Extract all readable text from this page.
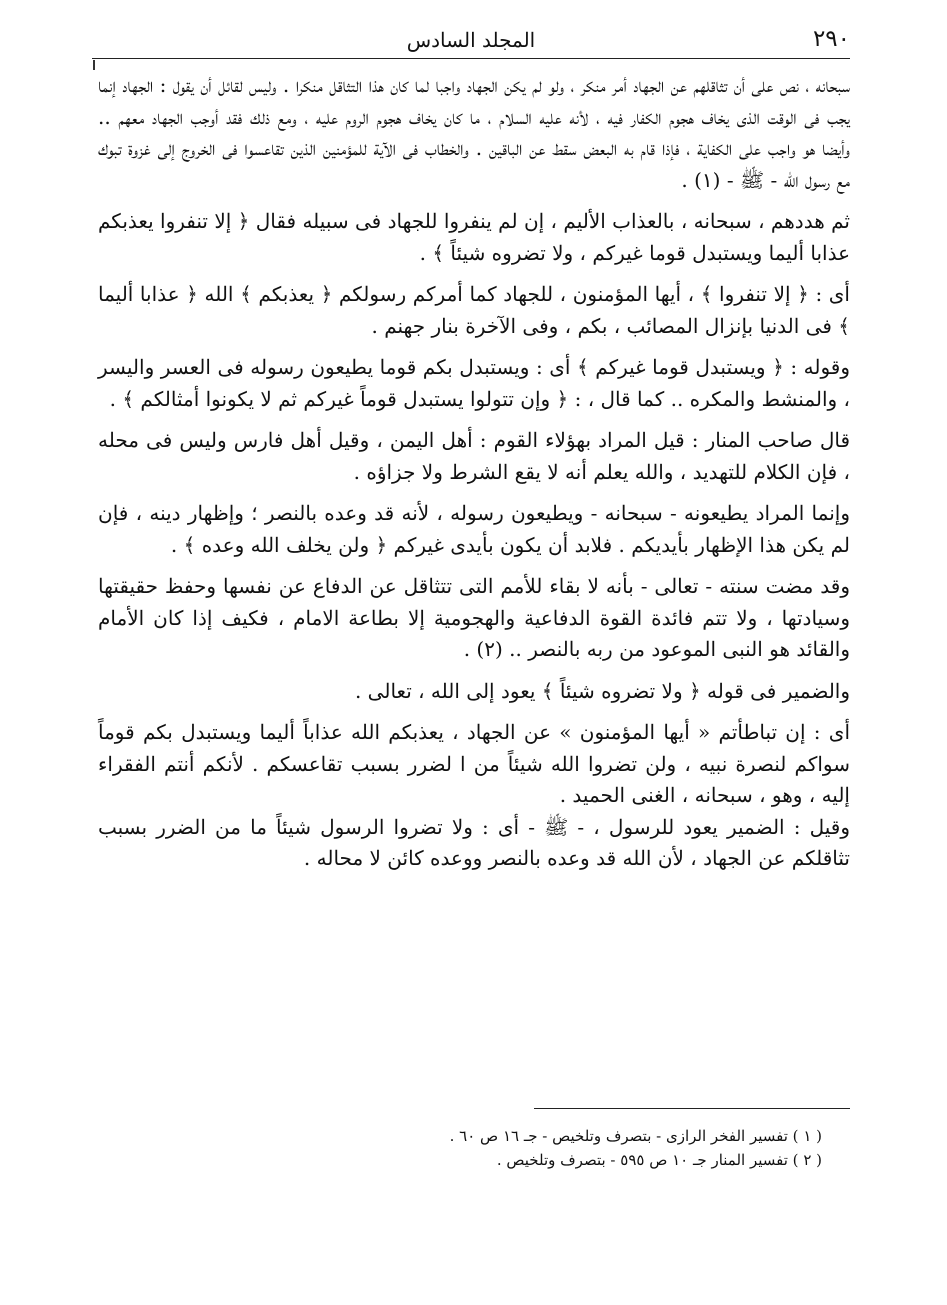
٢٩٠
المجلد السادس

سبحانه ، نص على أن تثاقلهم عن الجهاد أمر منكر ، ولو لم يكن الجهاد واجبا لما كان هذا التثاقل منكرا . وليس لقائل أن يقول : الجهاد إنما يجب فى الوقت الذى يخاف هجوم الكفار فيه ، لأنه عليه السلام ، ما كان يخاف هجوم الروم عليه ، ومع ذلك فقد أوجب الجهاد معهم .. وأيضا هو واجب على الكفاية ، فإذا قام به البعض سقط عن الباقين . والخطاب فى الآية للمؤمنين الذين تقاعسوا فى الخروج إلى غزوة تبوك مع رسول الله - ﷺ - (١) .

ثم هددهم ، سبحانه ، بالعذاب الأليم ، إن لم ينفروا للجهاد فى سبيله فقال ﴿ إلا تنفروا يعذبكم عذابا أليما ويستبدل قوما غيركم ، ولا تضروه شيئاً ﴾ .

أى : ﴿ إلا تنفروا ﴾ ، أيها المؤمنون ، للجهاد كما أمركم رسولكم ﴿ يعذبكم ﴾ الله ﴿ عذابا أليما ﴾ فى الدنيا بإنزال المصائب ، بكم ، وفى الآخرة بنار جهنم .

وقوله : ﴿ ويستبدل قوما غيركم ﴾ أى : ويستبدل بكم قوما يطيعون رسوله فى العسر واليسر ، والمنشط والمكره .. كما قال ، : ﴿ وإن تتولوا يستبدل قوماً غيركم ثم لا يكونوا أمثالكم ﴾ .

قال صاحب المنار : قيل المراد بهؤلاء القوم : أهل اليمن ، وقيل أهل فارس وليس فى محله ، فإن الكلام للتهديد ، والله يعلم أنه لا يقع الشرط ولا جزاؤه .

وإنما المراد يطيعونه - سبحانه - ويطيعون رسوله ، لأنه قد وعده بالنصر ؛ وإظهار دينه ، فإن لم يكن هذا الإظهار بأيديكم . فلابد أن يكون بأيدى غيركم ﴿ ولن يخلف الله وعده ﴾ .

وقد مضت سنته - تعالى - بأنه لا بقاء للأمم التى تتثاقل عن الدفاع عن نفسها وحفظ حقيقتها وسيادتها ، ولا تتم فائدة القوة الدفاعية والهجومية إلا بطاعة الامام ، فكيف إذا كان الأمام والقائد هو النبى الموعود من ربه بالنصر .. (٢) .

والضمير فى قوله ﴿ ولا تضروه شيئاً ﴾ يعود إلى الله ، تعالى .

أى : إن تباطأتم « أيها المؤمنون » عن الجهاد ، يعذبكم الله عذاباً أليما ويستبدل بكم قوماً سواكم لنصرة نبيه ، ولن تضروا الله شيئاً من ا لضرر بسبب تقاعسكم . لأنكم أنتم الفقراء إليه ، وهو ، سبحانه ، الغنى الحميد .

وقيل : الضمير يعود للرسول ، - ﷺ - أى : ولا تضروا الرسول شيئاً ما من الضرر بسبب تثاقلكم عن الجهاد ، لأن الله قد وعده بالنصر ووعده كائن لا محاله .

( ١ ) تفسير الفخر الرازى - بتصرف وتلخيص - جـ ١٦ ص ٦٠ .
( ٢ ) تفسير المنار جـ ١٠ ص ٥٩٥ - بتصرف وتلخيص .
